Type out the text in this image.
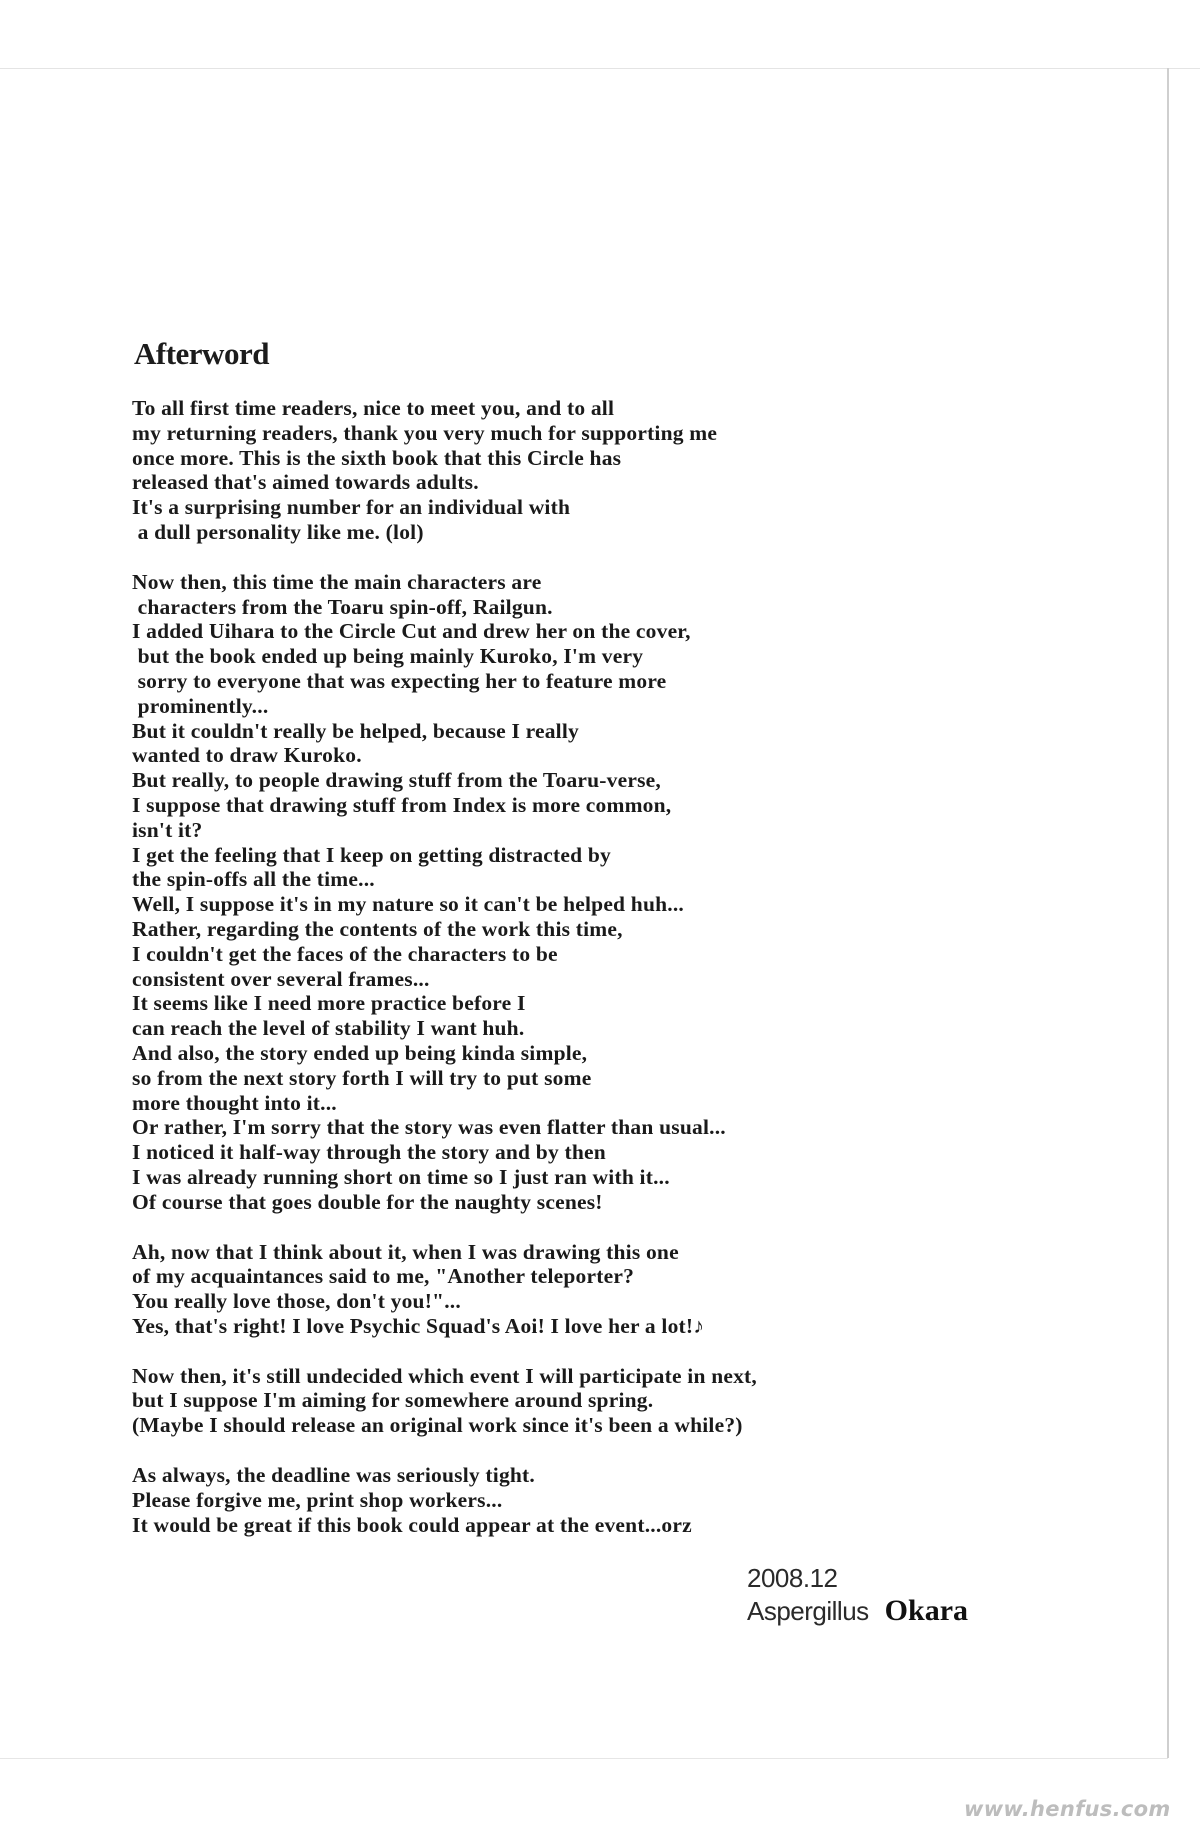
Afterword
To all first time readers, nice to meet you, and to all
my returning readers, thank you very much for supporting me
once more. This is the sixth book that this Circle has
released that's aimed towards adults.
It's a surprising number for an individual with
a dull personality like me. (lol)
Now then, this time the main characters are
characters from the Toaru spin-off, Railgun.
I added Uihara to the Circle Cut and drew her on the cover,
but the book ended up being mainly Kuroko, I'm very
sorry to everyone that was expecting her to feature more
prominently...
But it couldn't really be helped, because I really
wanted to draw Kuroko.
But really, to people drawing stuff from the Toaru-verse,
I suppose that drawing stuff from Index is more common,
isn't it?
I get the feeling that I keep on getting distracted by
the spin-offs all the time...
Well, I suppose it's in my nature so it can't be helped huh...
Rather, regarding the contents of the work this time,
I couldn't get the faces of the characters to be
consistent over several frames...
It seems like I need more practice before I
can reach the level of stability I want huh.
And also, the story ended up being kinda simple,
so from the next story forth I will try to put some
more thought into it...
Or rather, I'm sorry that the story was even flatter than usual...
I noticed it half-way through the story and by then
I was already running short on time so I just ran with it...
Of course that goes double for the naughty scenes!
Ah, now that I think about it, when I was drawing this one
of my acquaintances said to me, "Another teleporter?
You really love those, don't you!"...
Yes, that's right! I love Psychic Squad's Aoi! I love her a lot!♪
Now then, it's still undecided which event I will participate in next,
but I suppose I'm aiming for somewhere around spring.
(Maybe I should release an original work since it's been a while?)
As always, the deadline was seriously tight.
Please forgive me, print shop workers...
It would be great if this book could appear at the event...orz
2008.12
Aspergillus Okara
www.henfus.com
